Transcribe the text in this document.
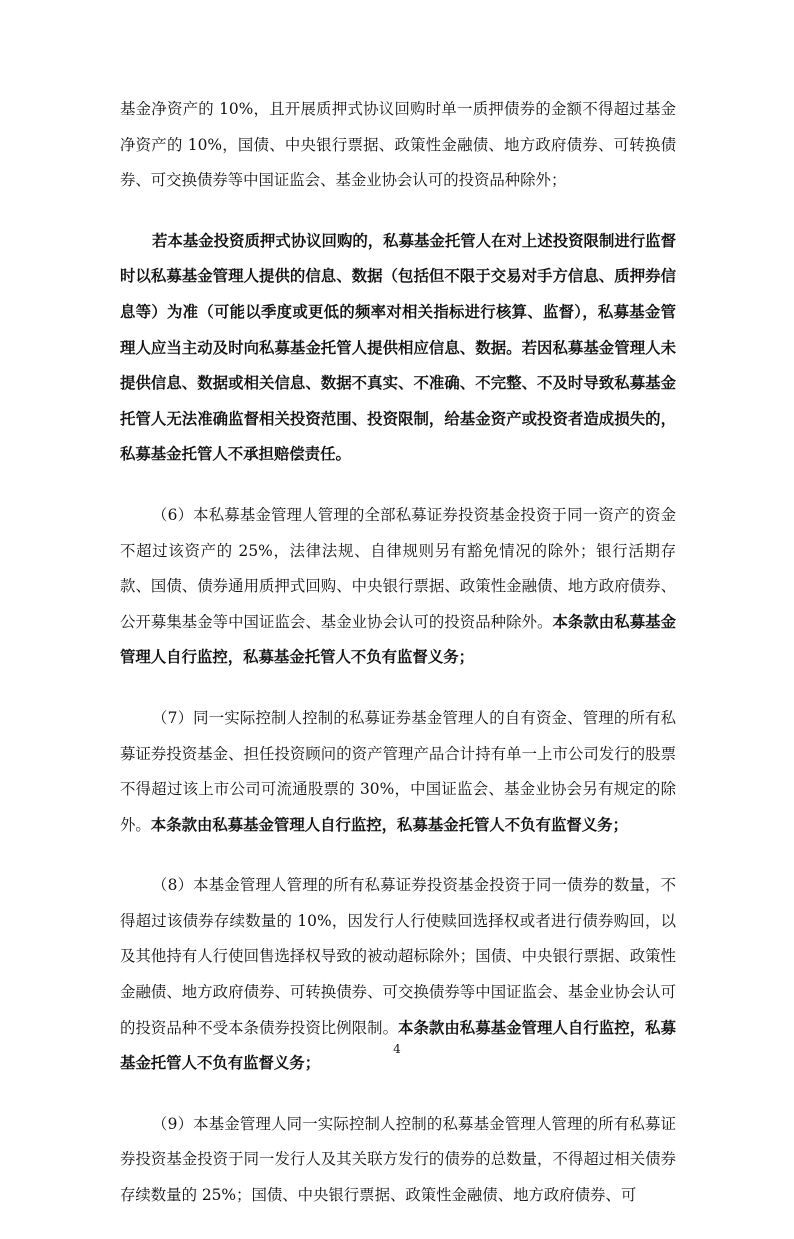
基金净资产的 10%，且开展质押式协议回购时单一质押债券的金额不得超过基金净资产的 10%，国债、中央银行票据、政策性金融债、地方政府债券、可转换债券、可交换债券等中国证监会、基金业协会认可的投资品种除外；

若本基金投资质押式协议回购的，私募基金托管人在对上述投资限制进行监督时以私募基金管理人提供的信息、数据（包括但不限于交易对手方信息、质押券信息等）为准（可能以季度或更低的频率对相关指标进行核算、监督），私募基金管理人应当主动及时向私募基金托管人提供相应信息、数据。若因私募基金管理人未提供信息、数据或相关信息、数据不真实、不准确、不完整、不及时导致私募基金托管人无法准确监督相关投资范围、投资限制，给基金资产或投资者造成损失的，私募基金托管人不承担赔偿责任。

（6）本私募基金管理人管理的全部私募证券投资基金投资于同一资产的资金不超过该资产的 25%，法律法规、自律规则另有豁免情况的除外；银行活期存款、国债、债券通用质押式回购、中央银行票据、政策性金融债、地方政府债券、公开募集基金等中国证监会、基金业协会认可的投资品种除外。本条款由私募基金管理人自行监控，私募基金托管人不负有监督义务；

（7）同一实际控制人控制的私募证券基金管理人的自有资金、管理的所有私募证券投资基金、担任投资顾问的资产管理产品合计持有单一上市公司发行的股票不得超过该上市公司可流通股票的 30%，中国证监会、基金业协会另有规定的除外。本条款由私募基金管理人自行监控，私募基金托管人不负有监督义务；

（8）本基金管理人管理的所有私募证券投资基金投资于同一债券的数量，不得超过该债券存续数量的 10%，因发行人行使赎回选择权或者进行债券购回，以及其他持有人行使回售选择权导致的被动超标除外；国债、中央银行票据、政策性金融债、地方政府债券、可转换债券、可交换债券等中国证监会、基金业协会认可的投资品种不受本条债券投资比例限制。本条款由私募基金管理人自行监控，私募基金托管人不负有监督义务；

（9）本基金管理人同一实际控制人控制的私募基金管理人管理的所有私募证券投资基金投资于同一发行人及其关联方发行的债券的总数量，不得超过相关债券存续数量的 25%；国债、中央银行票据、政策性金融债、地方政府债券、可

4
